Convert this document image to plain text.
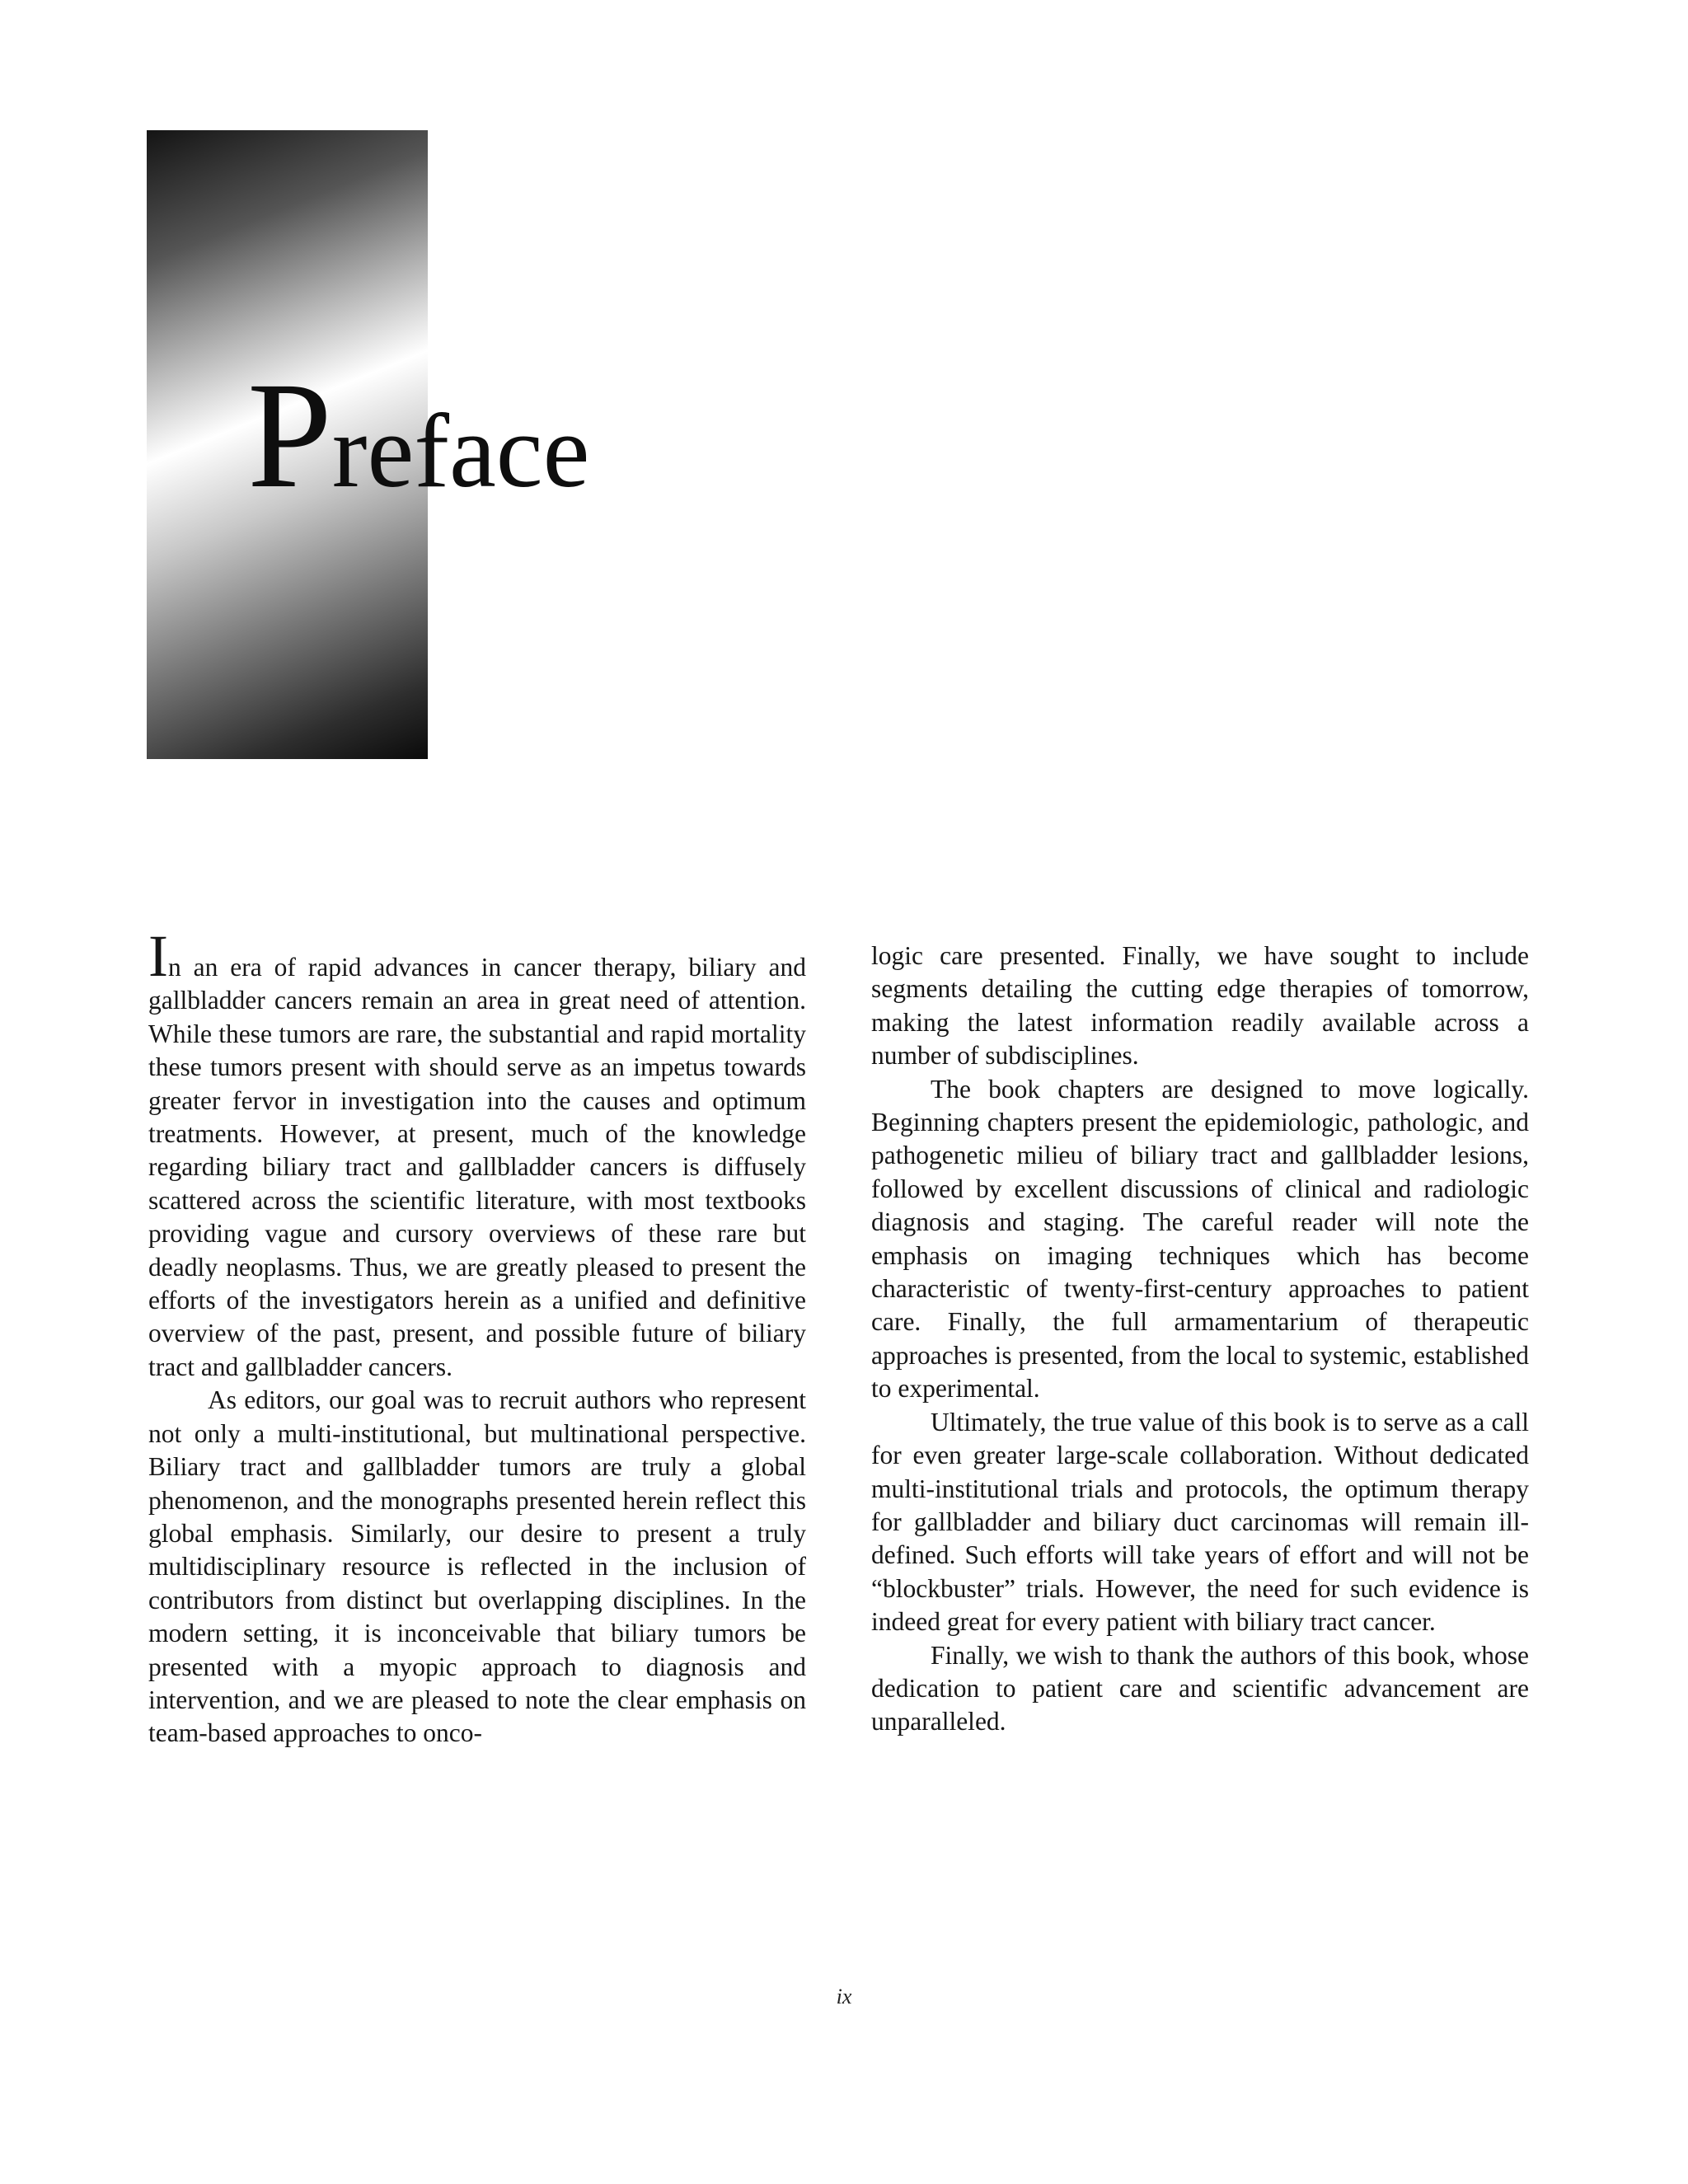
Preface

In an era of rapid advances in cancer therapy, biliary and gallbladder cancers remain an area in great need of attention. While these tumors are rare, the substantial and rapid mortality these tumors present with should serve as an impetus towards greater fervor in investigation into the causes and optimum treatments. However, at present, much of the knowledge regarding biliary tract and gallbladder cancers is diffusely scattered across the scientific literature, with most textbooks providing vague and cursory overviews of these rare but deadly neoplasms. Thus, we are greatly pleased to present the efforts of the investigators herein as a unified and definitive overview of the past, present, and possible future of biliary tract and gallbladder cancers.

As editors, our goal was to recruit authors who represent not only a multi-institutional, but multinational perspective. Biliary tract and gallbladder tumors are truly a global phenomenon, and the monographs presented herein reflect this global emphasis. Similarly, our desire to present a truly multidisciplinary resource is reflected in the inclusion of contributors from distinct but overlapping disciplines. In the modern setting, it is inconceivable that biliary tumors be presented with a myopic approach to diagnosis and intervention, and we are pleased to note the clear emphasis on team-based approaches to onco-

logic care presented. Finally, we have sought to include segments detailing the cutting edge therapies of tomorrow, making the latest information readily available across a number of subdisciplines.

The book chapters are designed to move logically. Beginning chapters present the epidemiologic, pathologic, and pathogenetic milieu of biliary tract and gallbladder lesions, followed by excellent discussions of clinical and radiologic diagnosis and staging. The careful reader will note the emphasis on imaging techniques which has become characteristic of twenty-first-century approaches to patient care. Finally, the full armamentarium of therapeutic approaches is presented, from the local to systemic, established to experimental.

Ultimately, the true value of this book is to serve as a call for even greater large-scale collaboration. Without dedicated multi-institutional trials and protocols, the optimum therapy for gallbladder and biliary duct carcinomas will remain ill-defined. Such efforts will take years of effort and will not be “blockbuster” trials. However, the need for such evidence is indeed great for every patient with biliary tract cancer.

Finally, we wish to thank the authors of this book, whose dedication to patient care and scientific advancement are unparalleled.

ix
